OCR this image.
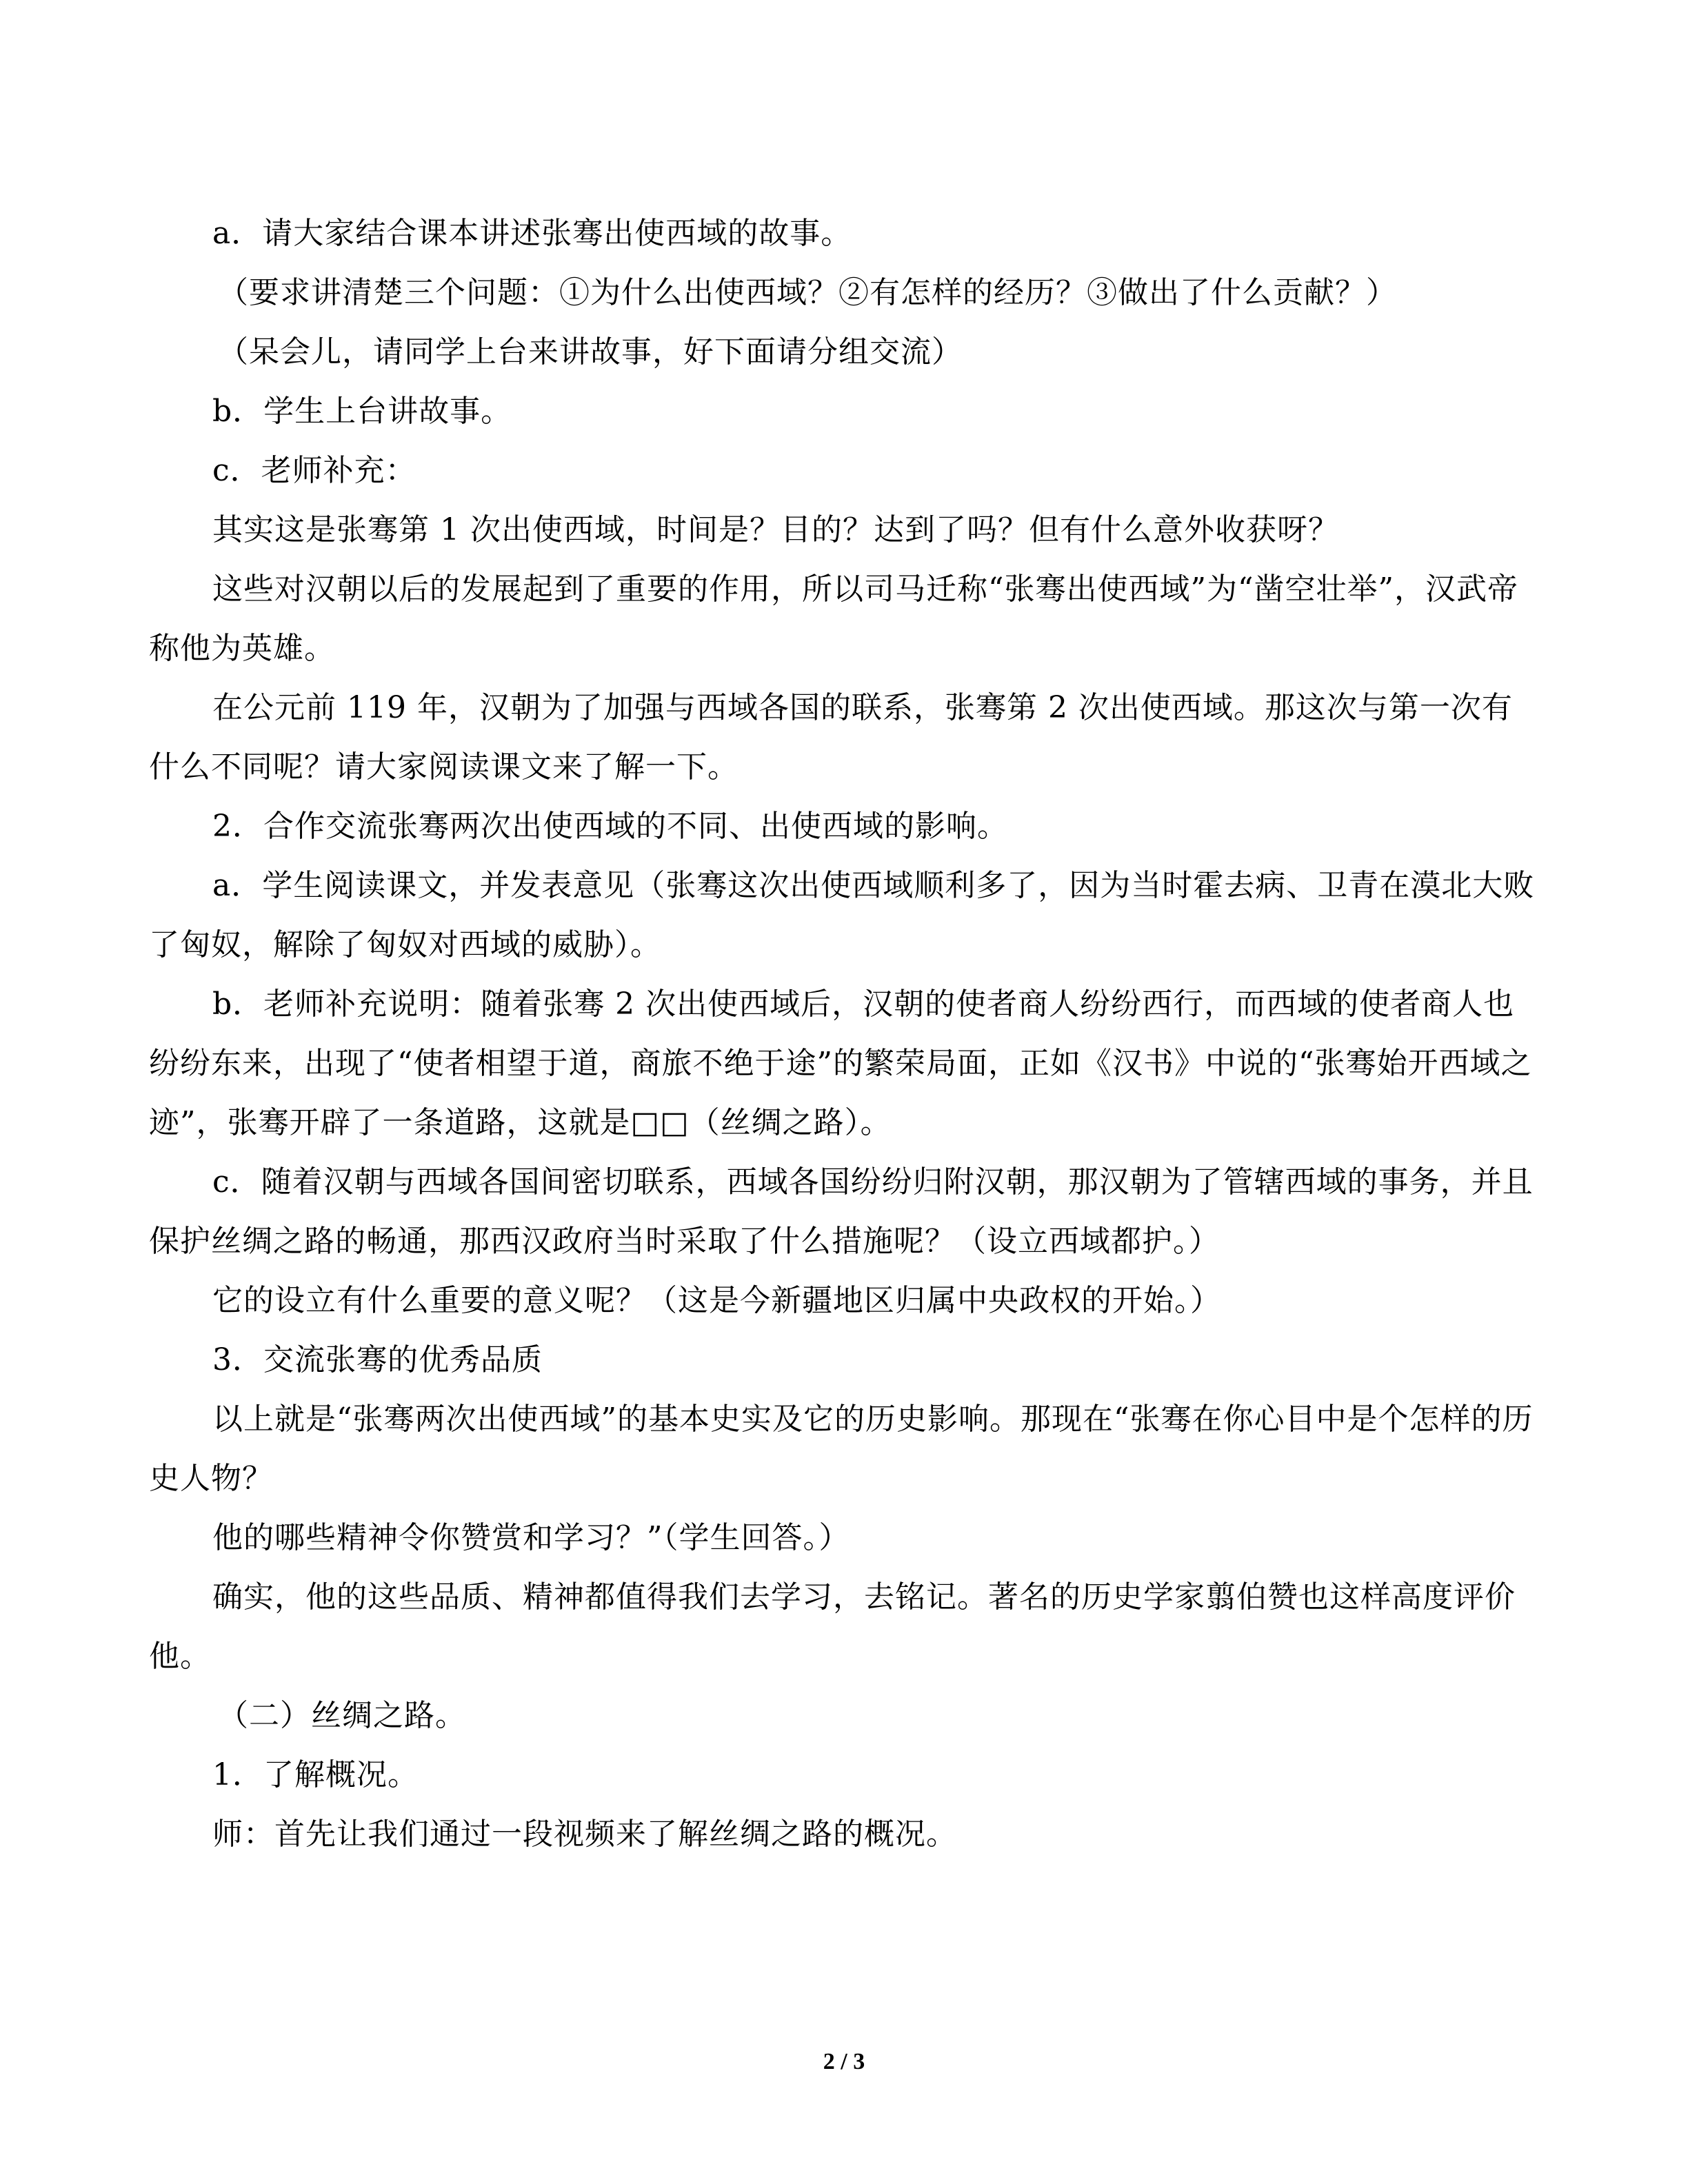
a．请大家结合课本讲述张骞出使西域的故事。

（要求讲清楚三个问题：①为什么出使西域？②有怎样的经历？③做出了什么贡献？）

（呆会儿，请同学上台来讲故事，好下面请分组交流）

b．学生上台讲故事。

c．老师补充：

其实这是张骞第 1 次出使西域，时间是？目的？达到了吗？但有什么意外收获呀？

这些对汉朝以后的发展起到了重要的作用，所以司马迁称“张骞出使西域”为“凿空壮举”，汉武帝称他为英雄。

在公元前 119 年，汉朝为了加强与西域各国的联系，张骞第 2 次出使西域。那这次与第一次有什么不同呢？请大家阅读课文来了解一下。

2．合作交流张骞两次出使西域的不同、出使西域的影响。

a．学生阅读课文，并发表意见（张骞这次出使西域顺利多了，因为当时霍去病、卫青在漠北大败了匈奴，解除了匈奴对西域的威胁）。

b．老师补充说明：随着张骞 2 次出使西域后，汉朝的使者商人纷纷西行，而西域的使者商人也纷纷东来，出现了“使者相望于道，商旅不绝于途”的繁荣局面，正如《汉书》中说的“张骞始开西域之迹”，张骞开辟了一条道路，这就是□□（丝绸之路）。

c．随着汉朝与西域各国间密切联系，西域各国纷纷归附汉朝，那汉朝为了管辖西域的事务，并且保护丝绸之路的畅通，那西汉政府当时采取了什么措施呢？（设立西域都护。）

它的设立有什么重要的意义呢？（这是今新疆地区归属中央政权的开始。）

3．交流张骞的优秀品质

以上就是“张骞两次出使西域”的基本史实及它的历史影响。那现在“张骞在你心目中是个怎样的历史人物？

他的哪些精神令你赞赏和学习？”（学生回答。）

确实，他的这些品质、精神都值得我们去学习，去铭记。著名的历史学家翦伯赞也这样高度评价他。

（二）丝绸之路。

1．了解概况。

师：首先让我们通过一段视频来了解丝绸之路的概况。

2 / 3
